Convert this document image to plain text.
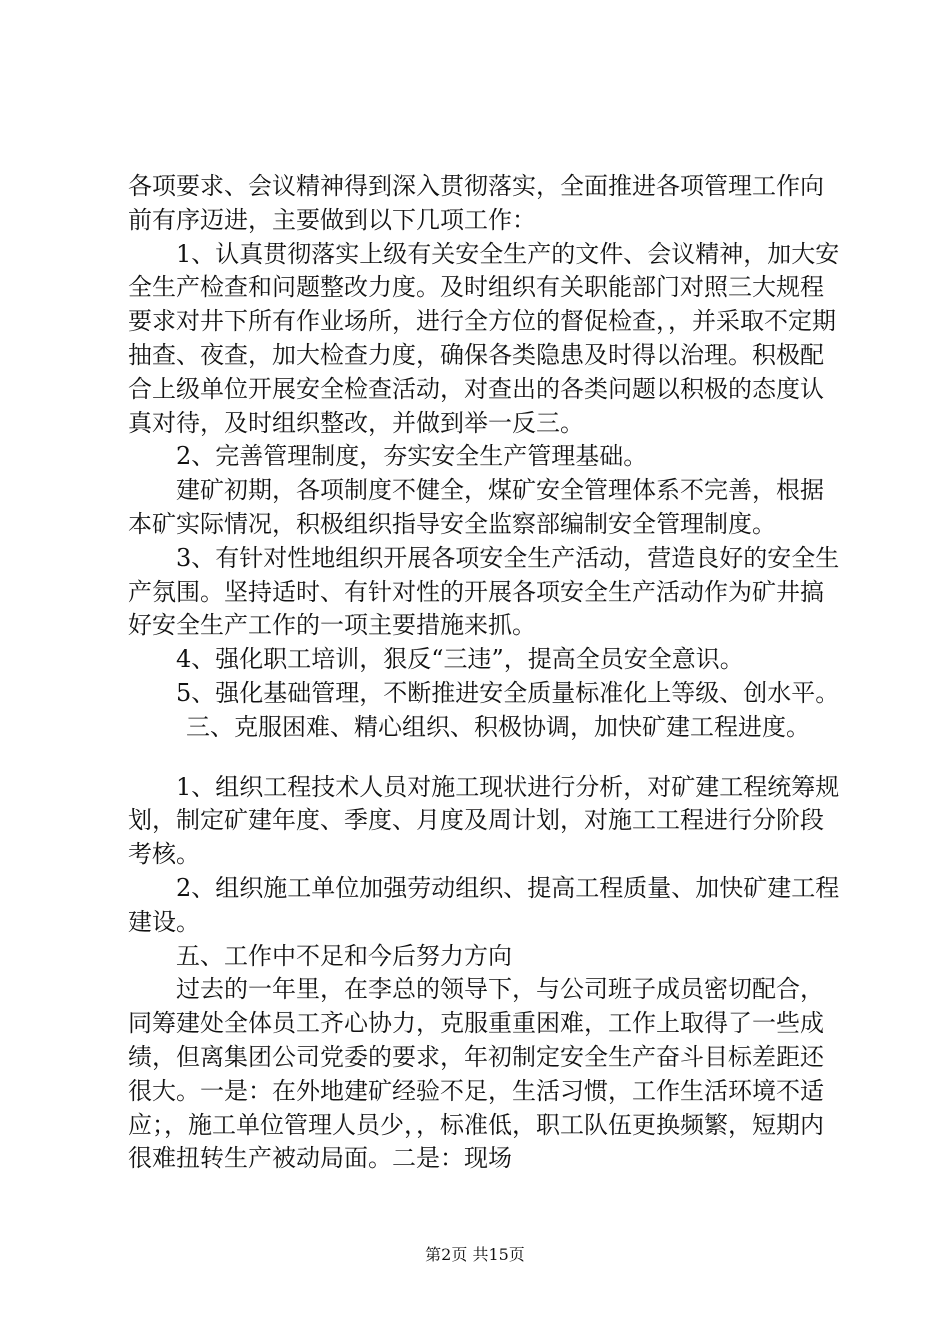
各项要求、会议精神得到深入贯彻落实，全面推进各项管理工作向前有序迈进，主要做到以下几项工作：

1、认真贯彻落实上级有关安全生产的文件、会议精神，加大安全生产检查和问题整改力度。及时组织有关职能部门对照三大规程要求对井下所有作业场所，进行全方位的督促检查，，并采取不定期抽查、夜查，加大检查力度，确保各类隐患及时得以治理。积极配合上级单位开展安全检查活动，对查出的各类问题以积极的态度认真对待，及时组织整改，并做到举一反三。

2、完善管理制度，夯实安全生产管理基础。

建矿初期，各项制度不健全，煤矿安全管理体系不完善，根据本矿实际情况，积极组织指导安全监察部编制安全管理制度。

3、有针对性地组织开展各项安全生产活动，营造良好的安全生产氛围。坚持适时、有针对性的开展各项安全生产活动作为矿井搞好安全生产工作的一项主要措施来抓。

4、强化职工培训，狠反“三违”，提高全员安全意识。

5、强化基础管理，不断推进安全质量标准化上等级、创水平。

三、克服困难、精心组织、积极协调，加快矿建工程进度。

1、组织工程技术人员对施工现状进行分析，对矿建工程统筹规划，制定矿建年度、季度、月度及周计划，对施工工程进行分阶段考核。

2、组织施工单位加强劳动组织、提高工程质量、加快矿建工程建设。

五、工作中不足和今后努力方向

过去的一年里，在李总的领导下，与公司班子成员密切配合，同筹建处全体员工齐心协力，克服重重困难，工作上取得了一些成绩，但离集团公司党委的要求，年初制定安全生产奋斗目标差距还很大。一是：在外地建矿经验不足，生活习惯，工作生活环境不适应；，施工单位管理人员少，，标准低，职工队伍更换频繁，短期内很难扭转生产被动局面。二是：现场

第2页 共15页
